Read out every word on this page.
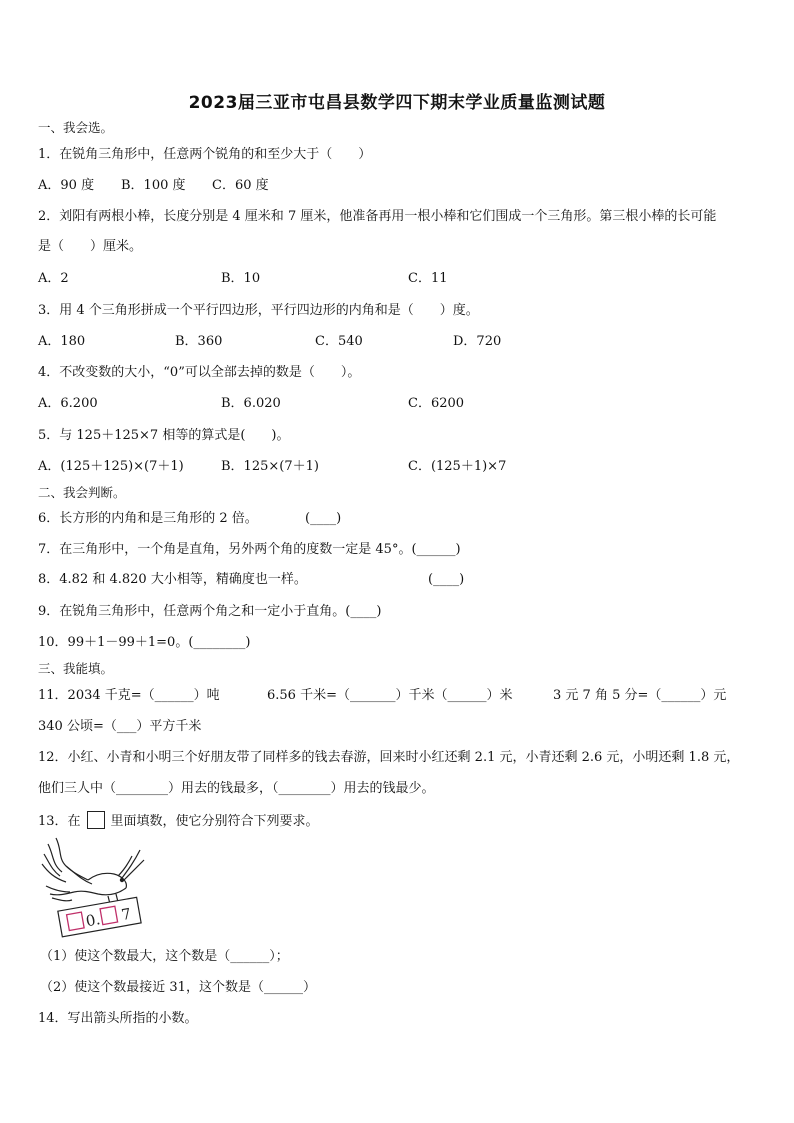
2023届三亚市屯昌县数学四下期末学业质量监测试题
一、我会选。
1．在锐角三角形中，任意两个锐角的和至少大于（　　）
A．90 度 B．100 度 C．60 度
2．刘阳有两根小棒，长度分别是 4 厘米和 7 厘米，他准备再用一根小棒和它们围成一个三角形。第三根小棒的长可能
是（　　）厘米。
A．2	B．10	C．11
3．用 4 个三角形拼成一个平行四边形，平行四边形的内角和是（　　）度。
A．180	B．360	C．540	D．720
4．不改变数的大小，“0”可以全部去掉的数是（　　）。
A．6.200	B．6.020	C．6200
5．与 125＋125×7 相等的算式是(　　)。
A．(125＋125)×(7＋1)	B．125×(7＋1)	C．(125＋1)×7
二、我会判断。
6．长方形的内角和是三角形的 2 倍。	(____)
7．在三角形中，一个角是直角，另外两个角的度数一定是 45°。(______)
8．4.82 和 4.820 大小相等，精确度也一样。	(____)
9．在锐角三角形中，任意两个角之和一定小于直角。(____)
10．99＋1－99＋1=0。(________)
三、我能填。
11．2034 千克=（______）吨	6.56 千米=（_______）千米（______）米	3 元 7 角 5 分=（______）元
340 公顷=（___）平方千米
12．小红、小青和小明三个好朋友带了同样多的钱去春游，回来时小红还剩 2.1 元，小青还剩 2.6 元，小明还剩 1.8 元，
他们三人中（________）用去的钱最多，（________）用去的钱最少。
13．在 里面填数，使它分别符合下列要求。
0. 7
（1）使这个数最大，这个数是（______）；
（2）使这个数最接近 31，这个数是（______）
14．写出箭头所指的小数。
